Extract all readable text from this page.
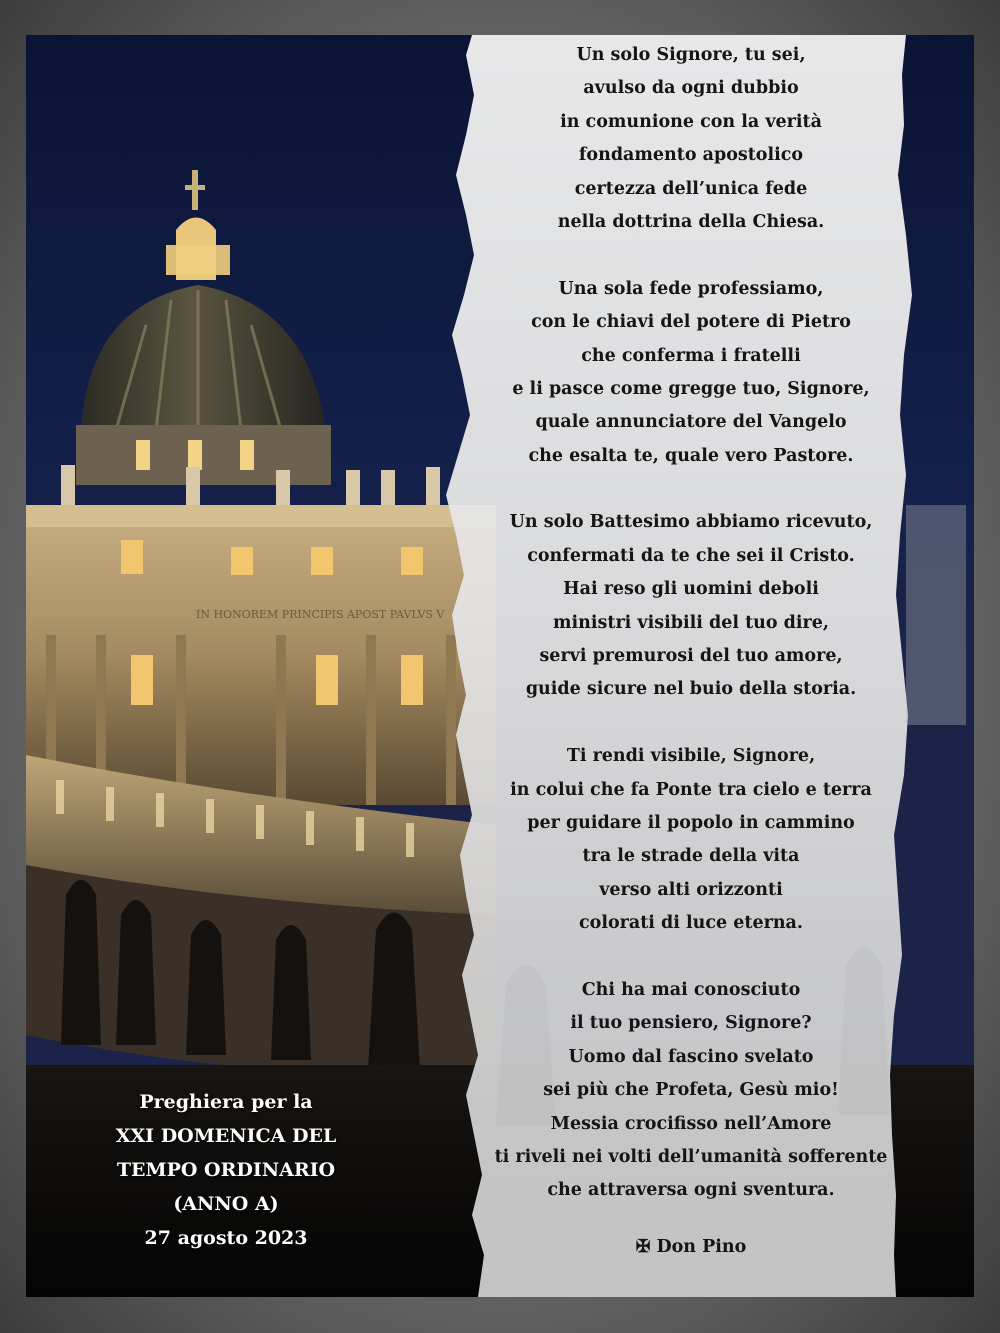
IN HONOREM PRINCIPIS APOST PAVLVS V
Preghiera per la
XXI DOMENICA DEL
TEMPO ORDINARIO
(ANNO A)
27 agosto 2023
Un solo Signore, tu sei,
avulso da ogni dubbio
in comunione con la verità
fondamento apostolico
certezza dell’unica fede
nella dottrina della Chiesa.
Una sola fede professiamo,
con le chiavi del potere di Pietro
che conferma i fratelli
e li pasce come gregge tuo, Signore,
quale annunciatore del Vangelo
che esalta te, quale vero Pastore.
Un solo Battesimo abbiamo ricevuto,
confermati da te che sei il Cristo.
Hai reso gli uomini deboli
ministri visibili del tuo dire,
servi premurosi del tuo amore,
guide sicure nel buio della storia.
Ti rendi visibile, Signore,
in colui che fa Ponte tra cielo e terra
per guidare il popolo in cammino
tra le strade della vita
verso alti orizzonti
colorati di luce eterna.
Chi ha mai conosciuto
il tuo pensiero, Signore?
Uomo dal fascino svelato
sei più che Profeta, Gesù mio!
Messia crocifisso nell’Amore
ti riveli nei volti dell’umanità sofferente
che attraversa ogni sventura.
✠ Don Pino
